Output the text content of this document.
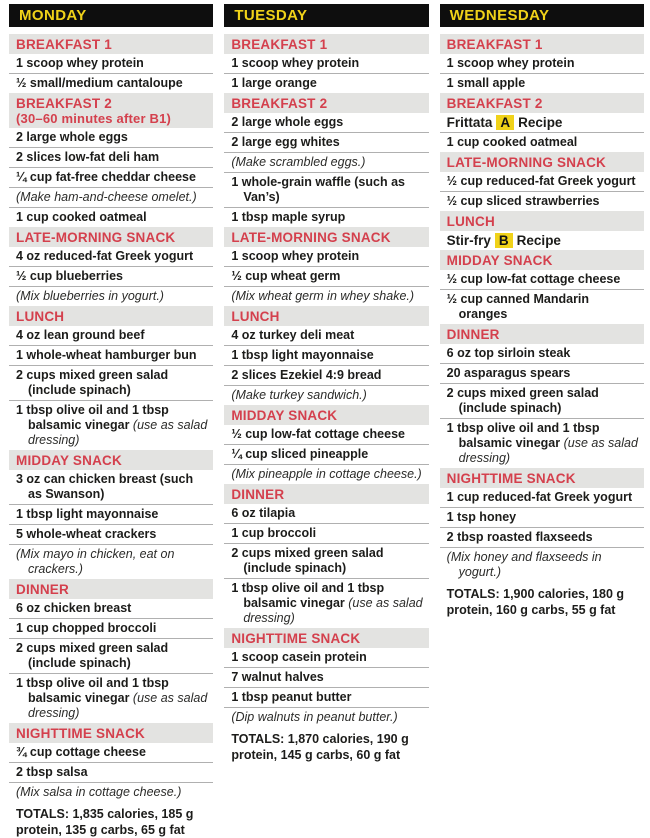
MONDAY
BREAKFAST 1
1 scoop whey protein
½ small/medium cantaloupe
BREAKFAST 2
(30–60 minutes after B1)
2 large whole eggs
2 slices low-fat deli ham
¼ cup fat-free cheddar cheese
(Make ham-and-cheese omelet.)
1 cup cooked oatmeal
LATE-MORNING SNACK
4 oz reduced-fat Greek yogurt
½ cup blueberries
(Mix blueberries in yogurt.)
LUNCH
4 oz lean ground beef
1 whole-wheat hamburger bun
2 cups mixed green salad (include spinach)
1 tbsp olive oil and 1 tbsp balsamic vinegar (use as salad dressing)
MIDDAY SNACK
3 oz can chicken breast (such as Swanson)
1 tbsp light mayonnaise
5 whole-wheat crackers
(Mix mayo in chicken, eat on crackers.)
DINNER
6 oz chicken breast
1 cup chopped broccoli
2 cups mixed green salad (include spinach)
1 tbsp olive oil and 1 tbsp balsamic vinegar (use as salad dressing)
NIGHTTIME SNACK
¾ cup cottage cheese
2 tbsp salsa
(Mix salsa in cottage cheese.)
TOTALS: 1,835 calories, 185 g protein, 135 g carbs, 65 g fat
TUESDAY
BREAKFAST 1
1 scoop whey protein
1 large orange
BREAKFAST 2
2 large whole eggs
2 large egg whites
(Make scrambled eggs.)
1 whole-grain waffle (such as Van’s)
1 tbsp maple syrup
LATE-MORNING SNACK
1 scoop whey protein
½ cup wheat germ
(Mix wheat germ in whey shake.)
LUNCH
4 oz turkey deli meat
1 tbsp light mayonnaise
2 slices Ezekiel 4:9 bread
(Make turkey sandwich.)
MIDDAY SNACK
½ cup low-fat cottage cheese
¼ cup sliced pineapple
(Mix pineapple in cottage cheese.)
DINNER
6 oz tilapia
1 cup broccoli
2 cups mixed green salad (include spinach)
1 tbsp olive oil and 1 tbsp balsamic vinegar (use as salad dressing)
NIGHTTIME SNACK
1 scoop casein protein
7 walnut halves
1 tbsp peanut butter
(Dip walnuts in peanut butter.)
TOTALS: 1,870 calories, 190 g protein, 145 g carbs, 60 g fat
WEDNESDAY
BREAKFAST 1
1 scoop whey protein
1 small apple
BREAKFAST 2
Frittata A Recipe
1 cup cooked oatmeal
LATE-MORNING SNACK
½ cup reduced-fat Greek yogurt
½ cup sliced strawberries
LUNCH
Stir-fry B Recipe
MIDDAY SNACK
½ cup low-fat cottage cheese
½ cup canned Mandarin oranges
DINNER
6 oz top sirloin steak
20 asparagus spears
2 cups mixed green salad (include spinach)
1 tbsp olive oil and 1 tbsp balsamic vinegar (use as salad dressing)
NIGHTTIME SNACK
1 cup reduced-fat Greek yogurt
1 tsp honey
2 tbsp roasted flaxseeds
(Mix honey and flaxseeds in yogurt.)
TOTALS: 1,900 calories, 180 g protein, 160 g carbs, 55 g fat
